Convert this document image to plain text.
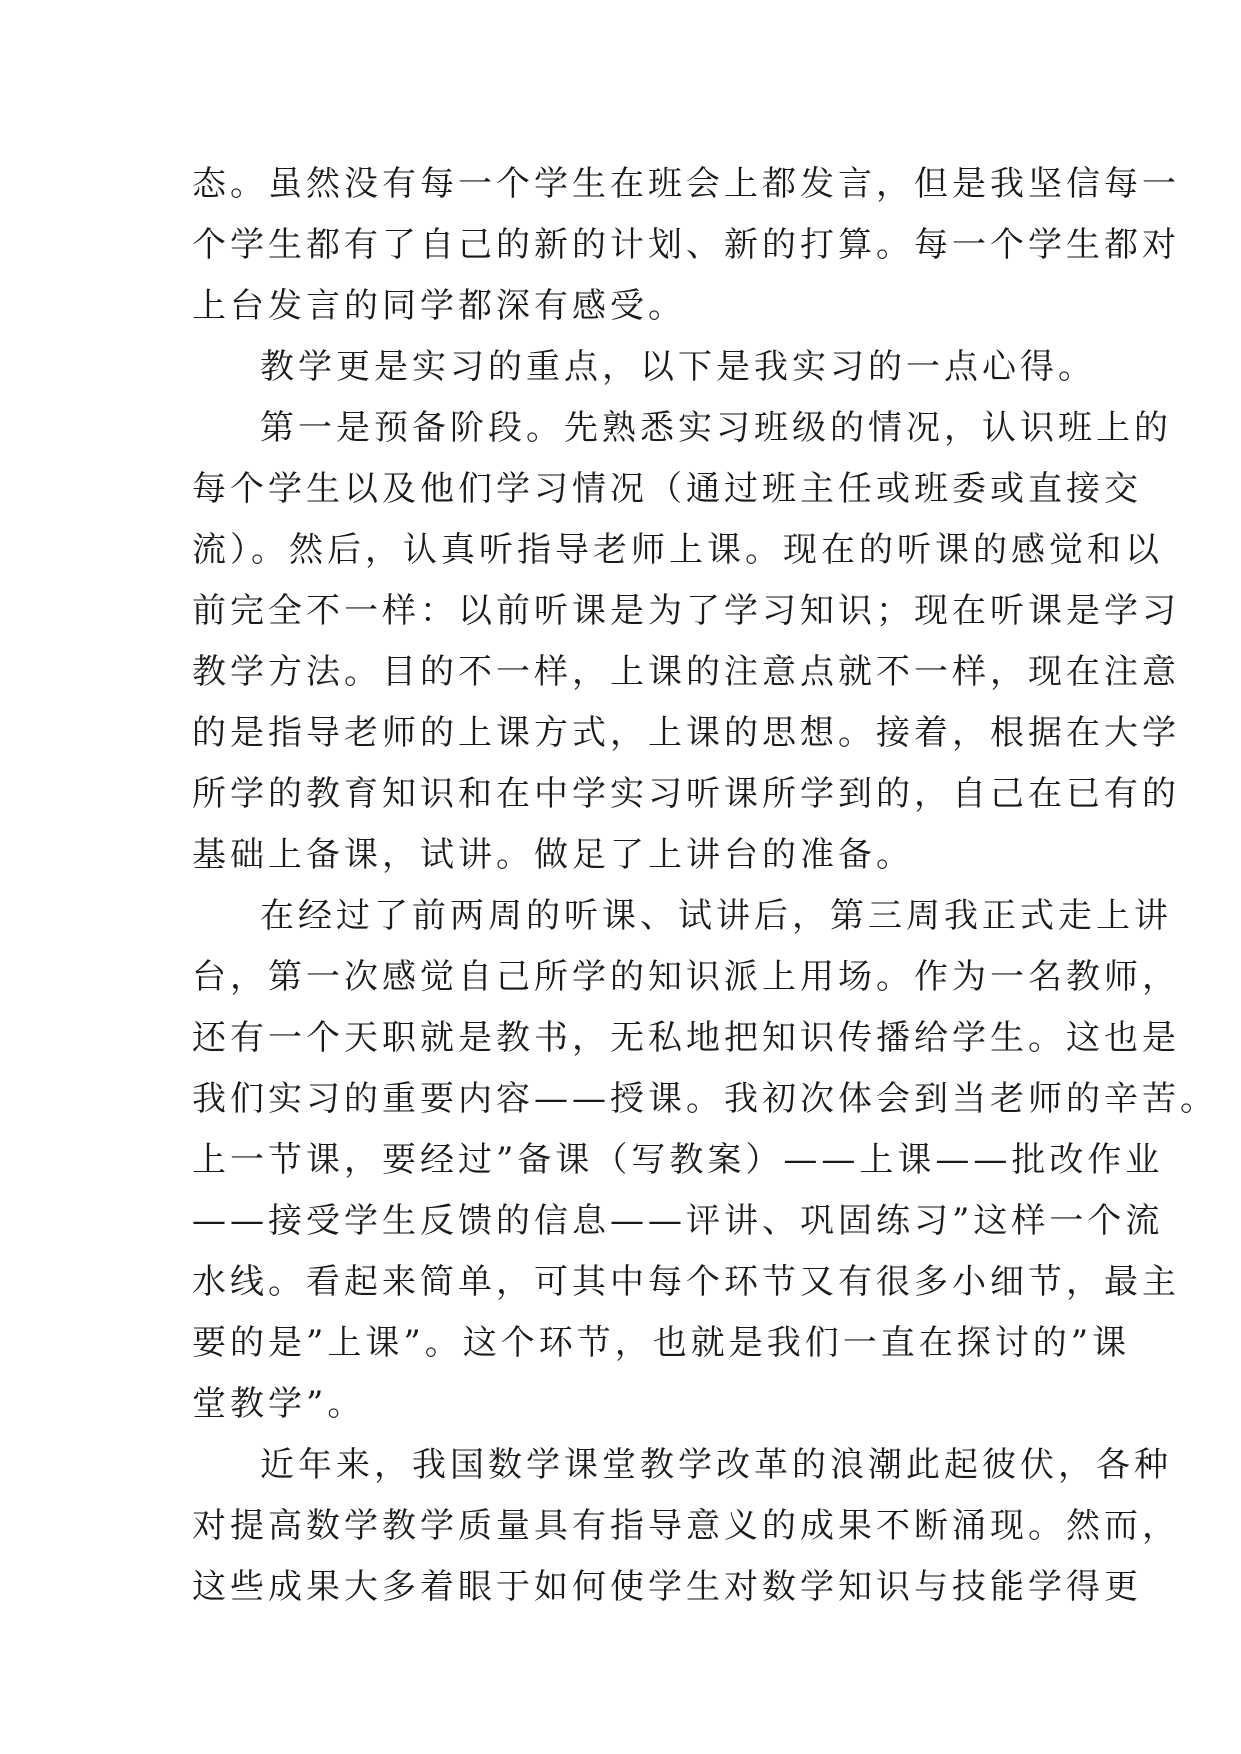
态。虽然没有每一个学生在班会上都发言，但是我坚信每一
个学生都有了自己的新的计划、新的打算。每一个学生都对
上台发言的同学都深有感受。

教学更是实习的重点，以下是我实习的一点心得。

第一是预备阶段。先熟悉实习班级的情况，认识班上的
每个学生以及他们学习情况（通过班主任或班委或直接交
流）。然后，认真听指导老师上课。现在的听课的感觉和以
前完全不一样：以前听课是为了学习知识；现在听课是学习
教学方法。目的不一样，上课的注意点就不一样，现在注意
的是指导老师的上课方式，上课的思想。接着，根据在大学
所学的教育知识和在中学实习听课所学到的，自己在已有的
基础上备课，试讲。做足了上讲台的准备。

在经过了前两周的听课、试讲后，第三周我正式走上讲
台，第一次感觉自己所学的知识派上用场。作为一名教师，
还有一个天职就是教书，无私地把知识传播给学生。这也是
我们实习的重要内容——授课。我初次体会到当老师的辛苦。
上一节课，要经过”备课（写教案）——上课——批改作业
——接受学生反馈的信息——评讲、巩固练习”这样一个流
水线。看起来简单，可其中每个环节又有很多小细节，最主
要的是”上课”。这个环节，也就是我们一直在探讨的”课
堂教学”。

近年来，我国数学课堂教学改革的浪潮此起彼伏，各种
对提高数学教学质量具有指导意义的成果不断涌现。然而，
这些成果大多着眼于如何使学生对数学知识与技能学得更
